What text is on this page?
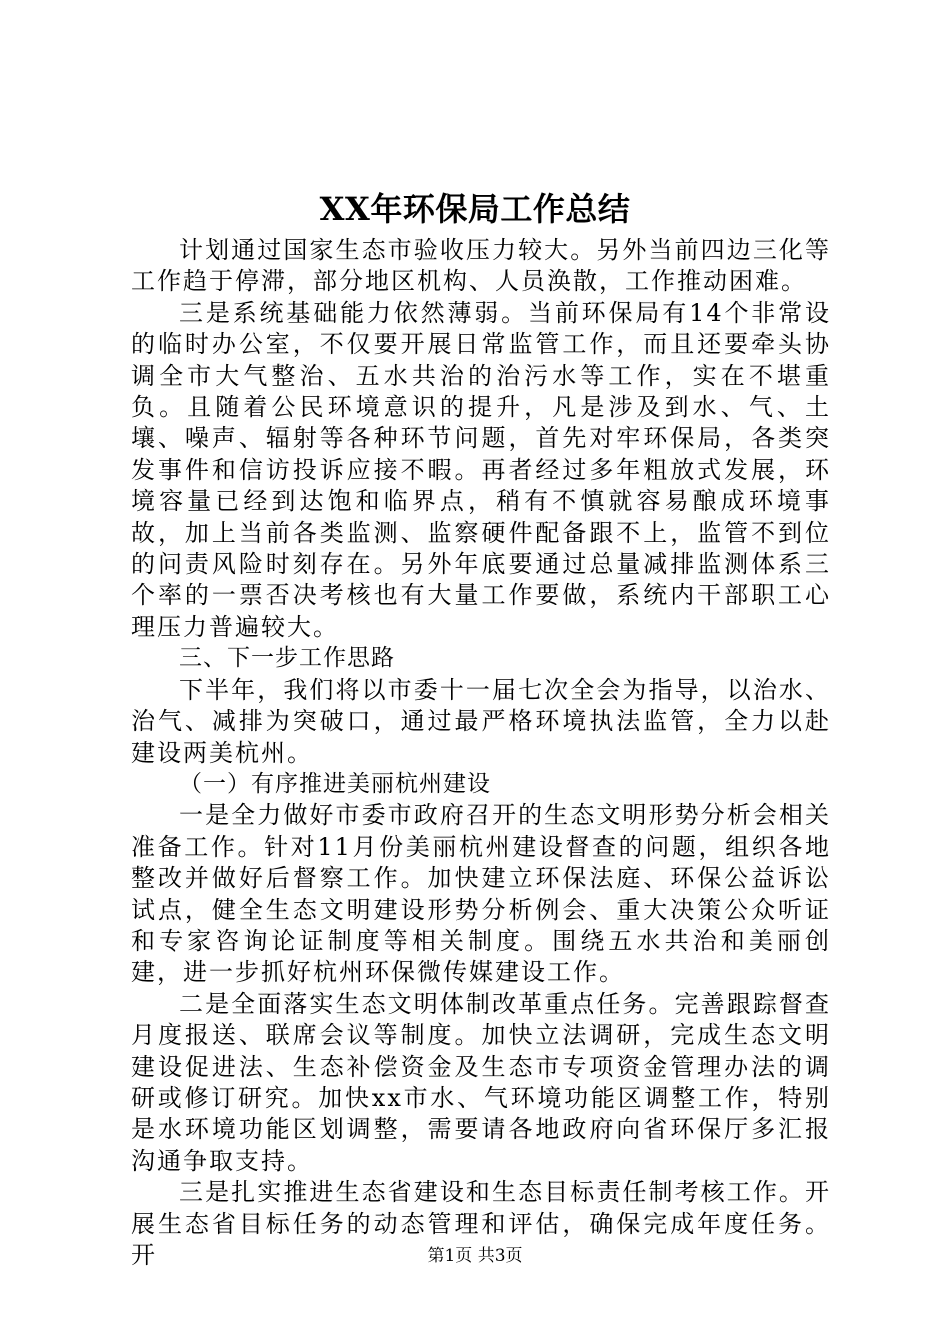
XX年环保局工作总结

计划通过国家生态市验收压力较大。另外当前四边三化等工作趋于停滞，部分地区机构、人员涣散，工作推动困难。

三是系统基础能力依然薄弱。当前环保局有14个非常设的临时办公室，不仅要开展日常监管工作，而且还要牵头协调全市大气整治、五水共治的治污水等工作，实在不堪重负。且随着公民环境意识的提升，凡是涉及到水、气、土壤、噪声、辐射等各种环节问题，首先对牢环保局，各类突发事件和信访投诉应接不暇。再者经过多年粗放式发展，环境容量已经到达饱和临界点，稍有不慎就容易酿成环境事故，加上当前各类监测、监察硬件配备跟不上，监管不到位的问责风险时刻存在。另外年底要通过总量减排监测体系三个率的一票否决考核也有大量工作要做，系统内干部职工心理压力普遍较大。

三、下一步工作思路

下半年，我们将以市委十一届七次全会为指导，以治水、治气、减排为突破口，通过最严格环境执法监管，全力以赴建设两美杭州。

（一）有序推进美丽杭州建设

一是全力做好市委市政府召开的生态文明形势分析会相关准备工作。针对11月份美丽杭州建设督查的问题，组织各地整改并做好后督察工作。加快建立环保法庭、环保公益诉讼试点，健全生态文明建设形势分析例会、重大决策公众听证和专家咨询论证制度等相关制度。围绕五水共治和美丽创建，进一步抓好杭州环保微传媒建设工作。

二是全面落实生态文明体制改革重点任务。完善跟踪督查月度报送、联席会议等制度。加快立法调研，完成生态文明建设促进法、生态补偿资金及生态市专项资金管理办法的调研或修订研究。加快xx市水、气环境功能区调整工作，特别是水环境功能区划调整，需要请各地政府向省环保厅多汇报沟通争取支持。

三是扎实推进生态省建设和生态目标责任制考核工作。开展生态省目标任务的动态管理和评估，确保完成年度任务。开	第1页 共3页
